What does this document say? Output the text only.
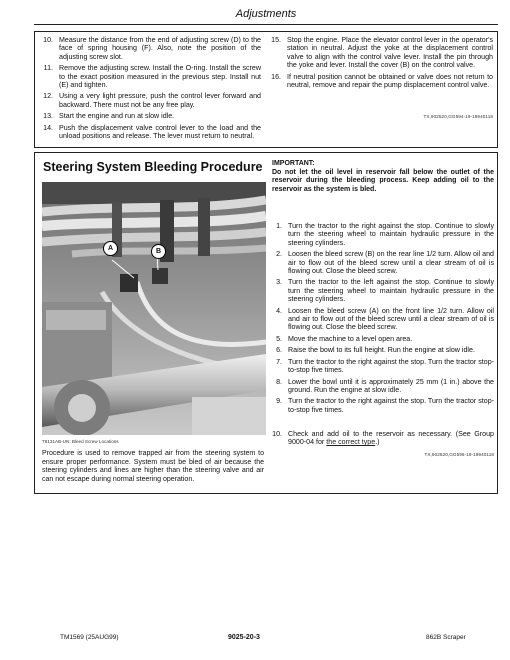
Adjustments
10. Measure the distance from the end of adjusting screw (D) to the face of spring housing (F). Also, note the position of the adjusting screw slot.
11. Remove the adjusting screw. Install the O-ring. Install the screw to the exact position measured in the previous step. Install nut (E) and tighten.
12. Using a very light pressure, push the control lever forward and backward. There must not be any free play.
13. Start the engine and run at slow idle.
14. Push the displacement valve control lever to the load and the unload positions and release. The lever must return to neutral.
15. Stop the engine. Place the elevator control lever in the operator's station in neutral. Adjust the yoke at the displacement control valve to align with the control valve lever. Install the pin through the yoke and lever. Install the cover (B) on the control valve.
16. If neutral position cannot be obtained or valve does not return to neutral, remove and repair the pump displacement control valve.
TX,902520,GG594-19-19940118
Steering System Bleeding Procedure IMPORTANT:
Do not let the oil level in reservoir fall below the outlet of the reservoir during the bleeding process. Keep adding oil to the reservoir as the system is bled.
A	B
T8131AB-UN: Bleed Screw Locations
Procedure is used to remove trapped air from the steering system to ensure proper performance. System must be bled of air because the steering cylinders and lines are higher than the steering valve and air can not escape during normal steering operation.
1. Turn the tractor to the right against the stop. Continue to slowly turn the steering wheel to maintain hydraulic pressure in the steering cylinders.
2. Loosen the bleed screw (B) on the rear line 1/2 turn. Allow oil and air to flow out of the bleed screw until a clear stream of oil is flowing out. Close the bleed screw.
3. Turn the tractor to the left against the stop. Continue to slowly turn the steering wheel to maintain hydraulic pressure in the steering cylinders.
4. Loosen the bleed screw (A) on the front line 1/2 turn. Allow oil and air to flow out of the bleed screw until a clear stream of oil is flowing out. Close the bleed screw.
5. Move the machine to a level open area.
6. Raise the bowl to its full height. Run the engine at slow idle.
7. Turn the tractor to the right against the stop. Turn the tractor stop-to-stop five times.
8. Lower the bowl until it is approximately 25 mm (1 in.) above the ground. Run the engine at slow idle.
9. Turn the tractor to the right against the stop. Turn the tractor stop-to-stop five times.
10. Check and add oil to the reservoir as necessary. (See Group 9000-04 for the correct type.)
TX,902520,GG596-19-19940118
TM1569 (25AUG99)	9025-20-3	862B Scraper
